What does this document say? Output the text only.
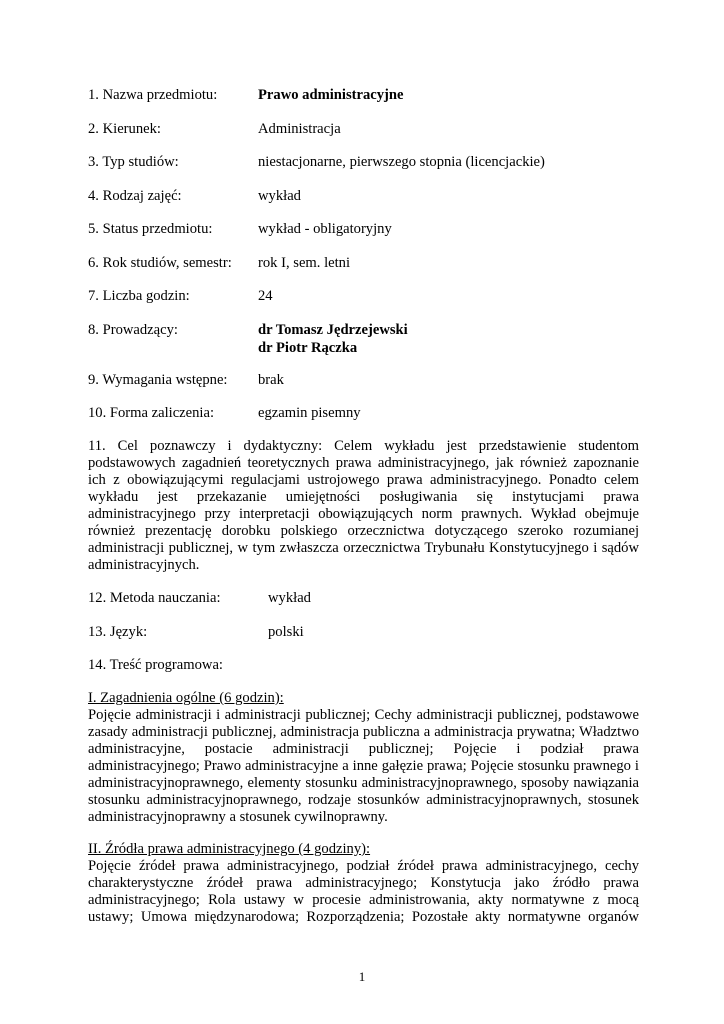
1. Nazwa przedmiotu:	Prawo administracyjne
2. Kierunek:	Administracja
3. Typ studiów:	niestacjonarne, pierwszego stopnia (licencjackie)
4. Rodzaj zajęć:	wykład
5. Status przedmiotu:	wykład - obligatoryjny
6. Rok studiów, semestr: rok I, sem. letni
7. Liczba godzin:	24
8. Prowadzący:	dr Tomasz Jędrzejewski
dr Piotr Rączka
9. Wymagania wstępne: brak
10. Forma zaliczenia:	egzamin pisemny
11. Cel poznawczy i dydaktyczny: Celem wykładu jest przedstawienie studentom
podstawowych zagadnień teoretycznych prawa administracyjnego, jak również zapoznanie
ich z obowiązującymi regulacjami ustrojowego prawa administracyjnego. Ponadto celem
wykładu jest przekazanie umiejętności posługiwania się instytucjami prawa
administracyjnego przy interpretacji obowiązujących norm prawnych. Wykład obejmuje
również prezentację dorobku polskiego orzecznictwa dotyczącego szeroko rozumianej
administracji publicznej, w tym zwłaszcza orzecznictwa Trybunału Konstytucyjnego i sądów
administracyjnych.
12. Metoda nauczania:	wykład
13. Język:	polski
14. Treść programowa:
I. Zagadnienia ogólne (6 godzin):
Pojęcie administracji i administracji publicznej; Cechy administracji publicznej, podstawowe
zasady administracji publicznej, administracja publiczna a administracja prywatna; Władztwo
administracyjne, postacie administracji publicznej; Pojęcie i podział prawa
administracyjnego; Prawo administracyjne a inne gałęzie prawa; Pojęcie stosunku prawnego i
administracyjnoprawnego, elementy stosunku administracyjnoprawnego, sposoby nawiązania
stosunku administracyjnoprawnego, rodzaje stosunków administracyjnoprawnych, stosunek
administracyjnoprawny a stosunek cywilnoprawny.
II. Źródła prawa administracyjnego (4 godziny):
Pojęcie źródeł prawa administracyjnego, podział źródeł prawa administracyjnego, cechy
charakterystyczne źródeł prawa administracyjnego; Konstytucja jako źródło prawa
administracyjnego; Rola ustawy w procesie administrowania, akty normatywne z mocą
ustawy; Umowa międzynarodowa; Rozporządzenia; Pozostałe akty normatywne organów
1
